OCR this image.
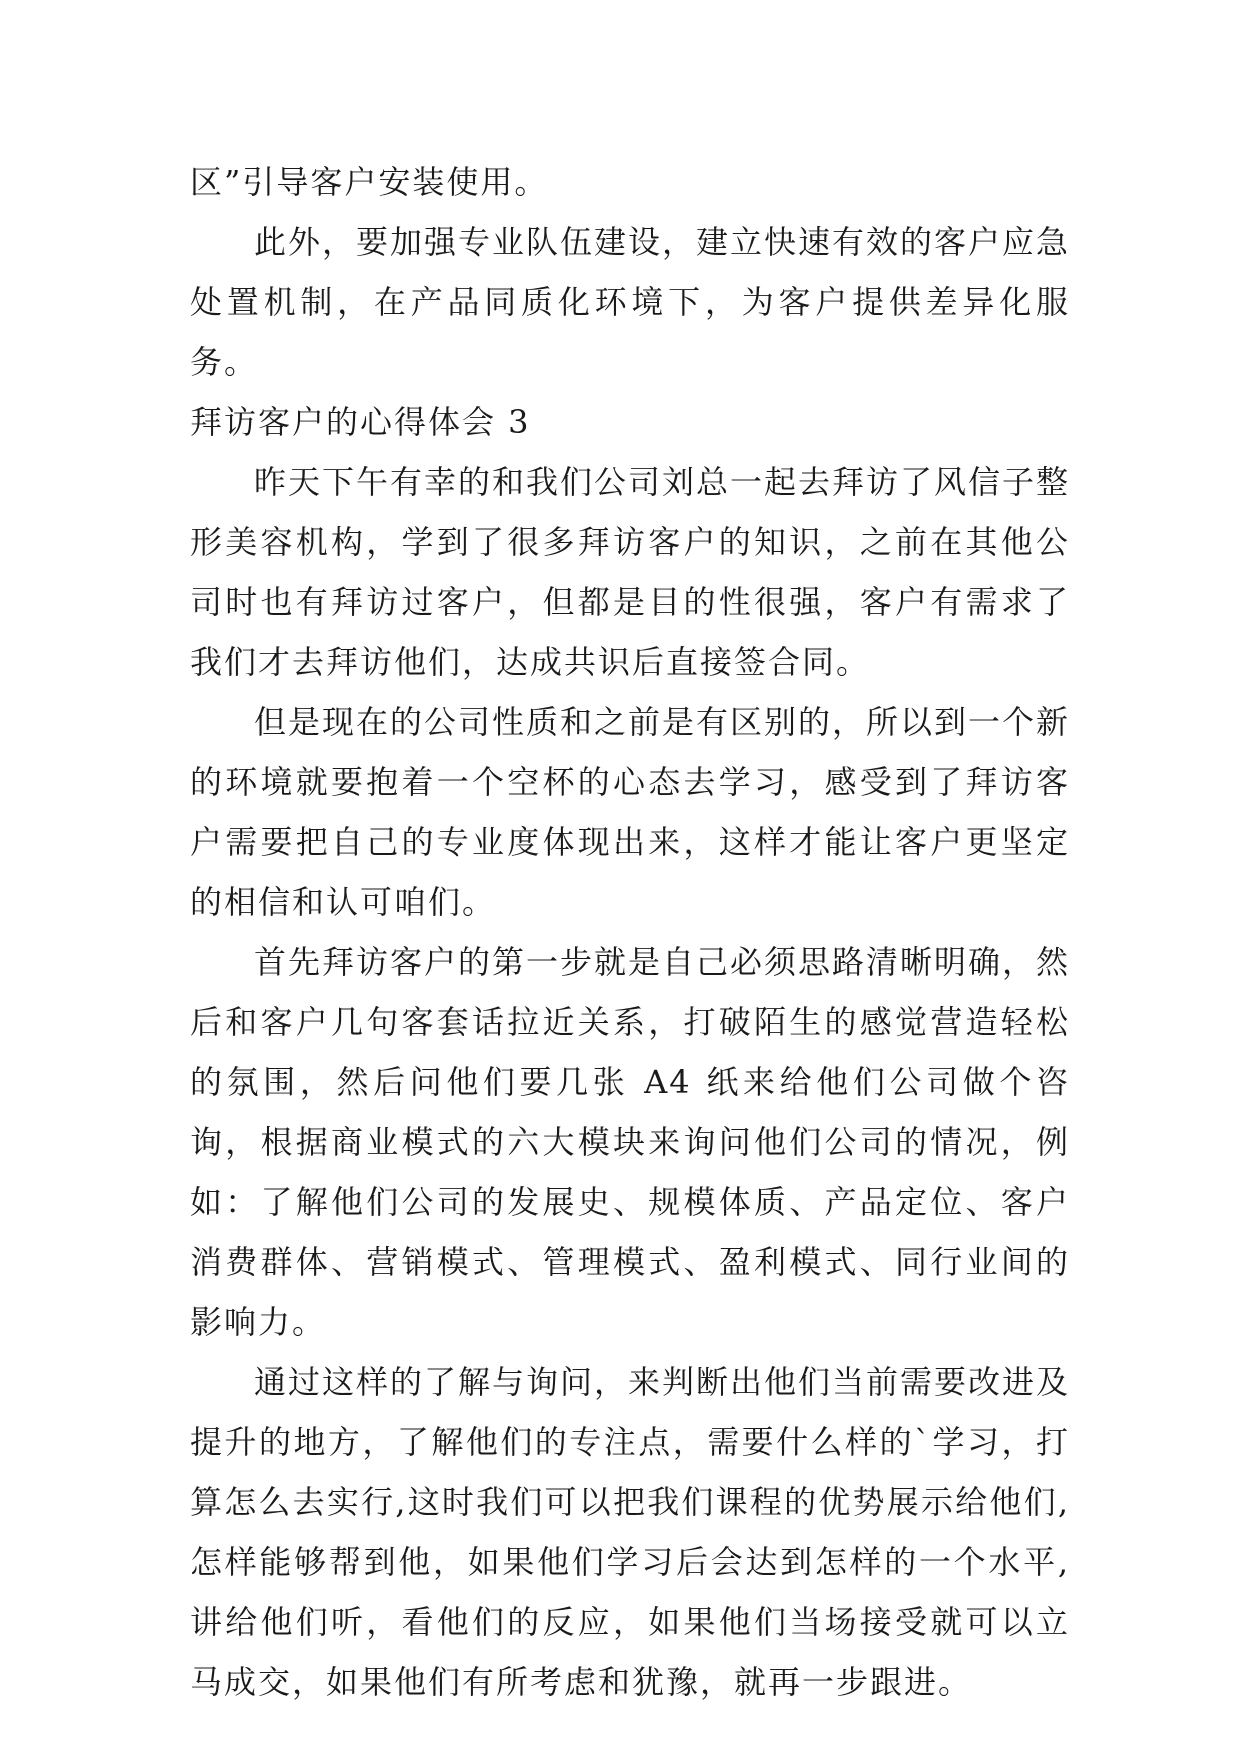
区”引导客户安装使用。

此外，要加强专业队伍建设，建立快速有效的客户应急处置机制，在产品同质化环境下，为客户提供差异化服务。

拜访客户的心得体会 3

昨天下午有幸的和我们公司刘总一起去拜访了风信子整形美容机构，学到了很多拜访客户的知识，之前在其他公司时也有拜访过客户，但都是目的性很强，客户有需求了我们才去拜访他们，达成共识后直接签合同。

但是现在的公司性质和之前是有区别的，所以到一个新的环境就要抱着一个空杯的心态去学习，感受到了拜访客户需要把自己的专业度体现出来，这样才能让客户更坚定的相信和认可咱们。

首先拜访客户的第一步就是自己必须思路清晰明确，然后和客户几句客套话拉近关系，打破陌生的感觉营造轻松的氛围，然后问他们要几张 A4 纸来给他们公司做个咨询，根据商业模式的六大模块来询问他们公司的情况，例如：了解他们公司的发展史、规模体质、产品定位、客户消费群体、营销模式、管理模式、盈利模式、同行业间的影响力。

通过这样的了解与询问，来判断出他们当前需要改进及提升的地方，了解他们的专注点，需要什么样的`学习，打算怎么去实行,这时我们可以把我们课程的优势展示给他们,怎样能够帮到他，如果他们学习后会达到怎样的一个水平,讲给他们听，看他们的反应，如果他们当场接受就可以立马成交，如果他们有所考虑和犹豫，就再一步跟进。
